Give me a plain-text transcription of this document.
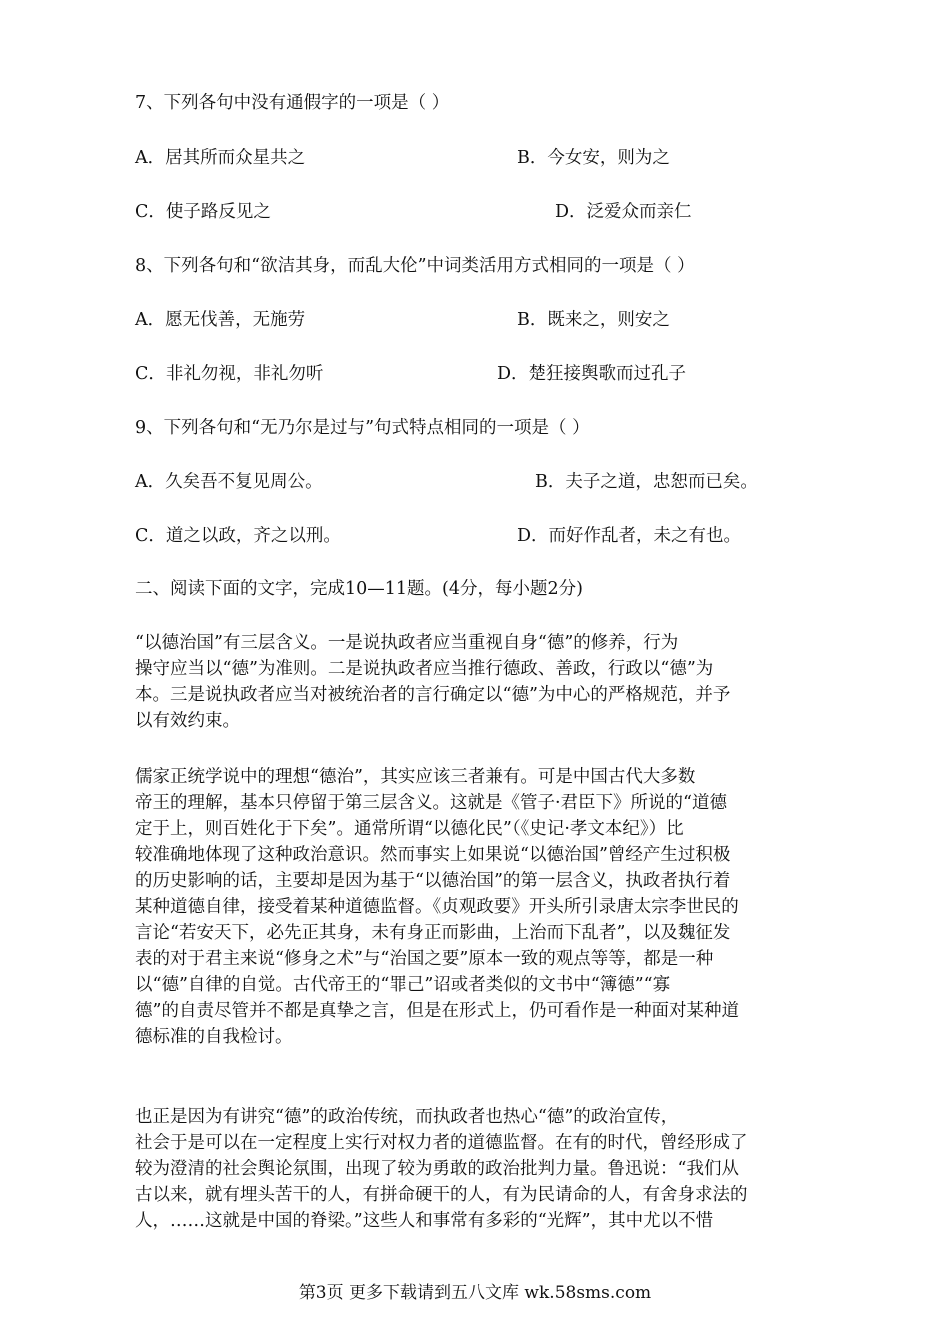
7、下列各句中没有通假字的一项是（ ）
A．居其所而众星共之	B．今女安，则为之
C．使子路反见之	D．泛爱众而亲仁
8、下列各句和“欲洁其身，而乱大伦”中词类活用方式相同的一项是（ ）
A．愿无伐善，无施劳	B．既来之，则安之
C．非礼勿视，非礼勿听	D．楚狂接舆歌而过孔子
9、下列各句和“无乃尔是过与”句式特点相同的一项是（ ）
A．久矣吾不复见周公。	B．夫子之道，忠恕而已矣。
C．道之以政，齐之以刑。	D．而好作乱者，未之有也。
二、阅读下面的文字，完成10—11题。(4分，每小题2分)
“以德治国”有三层含义。一是说执政者应当重视自身“德”的修养，行为
操守应当以“德”为准则。二是说执政者应当推行德政、善政，行政以“德”为
本。三是说执政者应当对被统治者的言行确定以“德”为中心的严格规范，并予
以有效约束。
儒家正统学说中的理想“德治”，其实应该三者兼有。可是中国古代大多数
帝王的理解，基本只停留于第三层含义。这就是《管子·君臣下》所说的“道德
定于上，则百姓化于下矣”。通常所谓“以德化民”（《史记·孝文本纪》）比
较准确地体现了这种政治意识。然而事实上如果说“以德治国”曾经产生过积极
的历史影响的话，主要却是因为基于“以德治国”的第一层含义，执政者执行着
某种道德自律，接受着某种道德监督。《贞观政要》开头所引录唐太宗李世民的
言论“若安天下，必先正其身，未有身正而影曲，上治而下乱者”，以及魏征发
表的对于君主来说“修身之术”与“治国之要”原本一致的观点等等，都是一种
以“德”自律的自觉。古代帝王的“罪己”诏或者类似的文书中“簿德”“寡
德”的自责尽管并不都是真挚之言，但是在形式上，仍可看作是一种面对某种道
德标准的自我检讨。
也正是因为有讲究“德”的政治传统，而执政者也热心“德”的政治宣传，
社会于是可以在一定程度上实行对权力者的道德监督。在有的时代，曾经形成了
较为澄清的社会舆论氛围，出现了较为勇敢的政治批判力量。鲁迅说：“我们从
古以来，就有埋头苦干的人，有拼命硬干的人，有为民请命的人，有舍身求法的
人，……这就是中国的脊梁。”这些人和事常有多彩的“光辉”，其中尤以不惜
第3页 更多下载请到五八文库 wk.58sms.com
